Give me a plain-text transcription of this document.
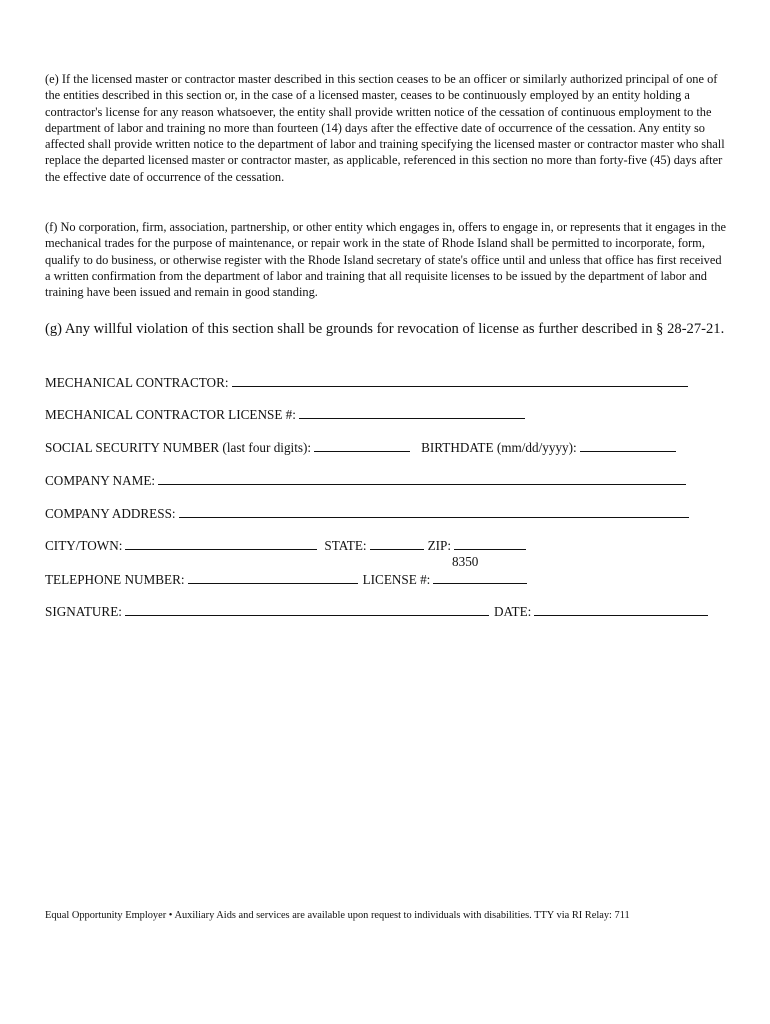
(e) If the licensed master or contractor master described in this section ceases to be an officer or similarly authorized principal of one of the entities described in this section or, in the case of a licensed master, ceases to be continuously employed by an entity holding a contractor's license for any reason whatsoever, the entity shall provide written notice of the cessation of continuous employment to the department of labor and training no more than fourteen (14) days after the effective date of occurrence of the cessation. Any entity so affected shall provide written notice to the department of labor and training specifying the licensed master or contractor master who shall replace the departed licensed master or contractor master, as applicable, referenced in this section no more than forty-five (45) days after the effective date of occurrence of the cessation.

(f) No corporation, firm, association, partnership, or other entity which engages in, offers to engage in, or represents that it engages in the mechanical trades for the purpose of maintenance, or repair work in the state of Rhode Island shall be permitted to incorporate, form, qualify to do business, or otherwise register with the Rhode Island secretary of state's office until and unless that office has first received a written confirmation from the department of labor and training that all requisite licenses to be issued by the department of labor and training have been issued and remain in good standing.

(g) Any willful violation of this section shall be grounds for revocation of license as further described in § 28-27-21.

MECHANICAL CONTRACTOR:
MECHANICAL CONTRACTOR LICENSE #:
SOCIAL SECURITY NUMBER (last four digits):	BIRTHDATE (mm/dd/yyyy):
COMPANY NAME:
COMPANY ADDRESS:
CITY/TOWN:	STATE:	ZIP:
8350
TELEPHONE NUMBER:	LICENSE #:
SIGNATURE:	DATE:
Equal Opportunity Employer • Auxiliary Aids and services are available upon request to individuals with disabilities. TTY via RI Relay: 711
